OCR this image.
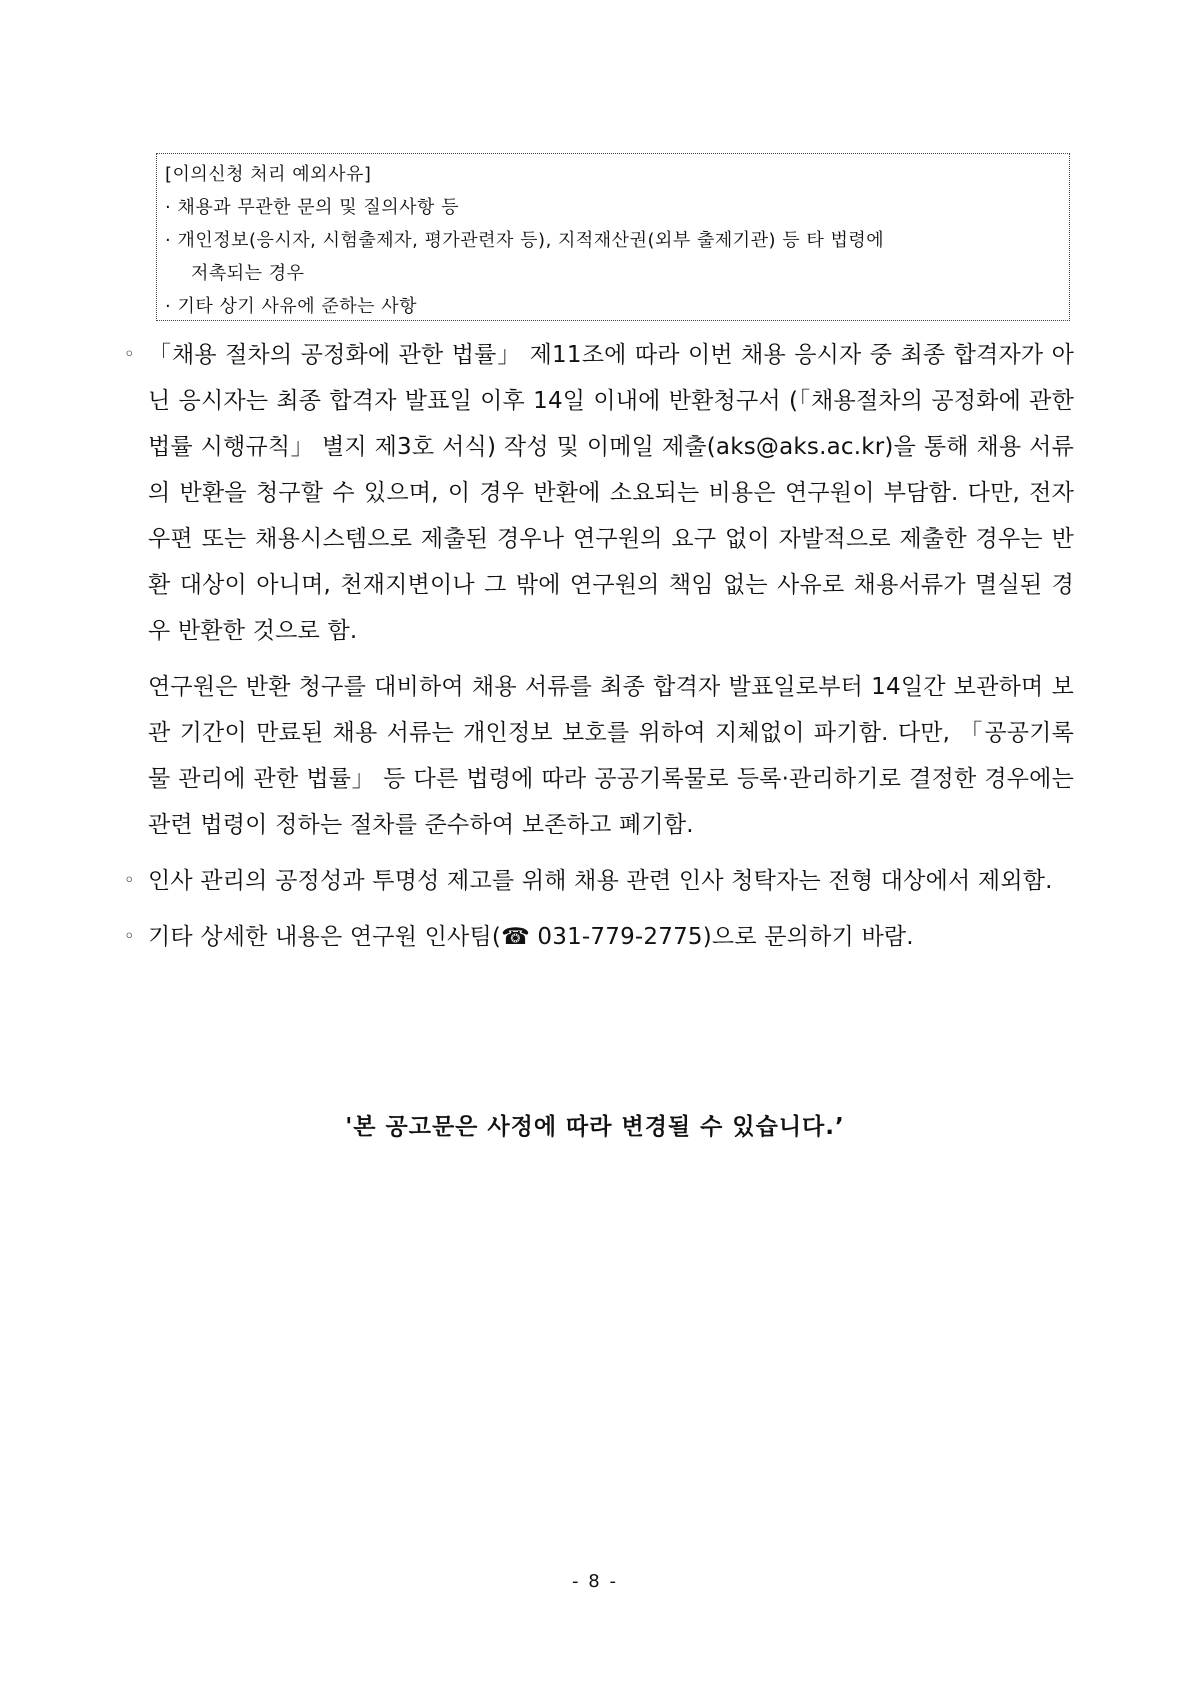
[이의신청 처리 예외사유]
· 채용과 무관한 문의 및 질의사항 등
· 개인정보(응시자, 시험출제자, 평가관련자 등), 지적재산권(외부 출제기관) 등 타 법령에
저촉되는 경우
· 기타 상기 사유에 준하는 사항
◦ 「채용 절차의 공정화에 관한 법률」 제11조에 따라 이번 채용 응시자 중 최종 합격자가 아닌 응시자는 최종 합격자 발표일 이후 14일 이내에 반환청구서 (「채용절차의 공정화에 관한 법률 시행규칙」 별지 제3호 서식) 작성 및 이메일 제출(aks@aks.ac.kr)을 통해 채용 서류의 반환을 청구할 수 있으며, 이 경우 반환에 소요되는 비용은 연구원이 부담함. 다만, 전자우편 또는 채용시스템으로 제출된 경우나 연구원의 요구 없이 자발적으로 제출한 경우는 반환 대상이 아니며, 천재지변이나 그 밖에 연구원의 책임 없는 사유로 채용서류가 멸실된 경우 반환한 것으로 함.
연구원은 반환 청구를 대비하여 채용 서류를 최종 합격자 발표일로부터 14일간 보관하며 보관 기간이 만료된 채용 서류는 개인정보 보호를 위하여 지체없이 파기함. 다만, 「공공기록물 관리에 관한 법률」 등 다른 법령에 따라 공공기록물로 등록·관리하기로 결정한 경우에는 관련 법령이 정하는 절차를 준수하여 보존하고 폐기함.
◦ 인사 관리의 공정성과 투명성 제고를 위해 채용 관련 인사 청탁자는 전형 대상에서 제외함.
◦ 기타 상세한 내용은 연구원 인사팀(☎ 031-779-2775)으로 문의하기 바람.
'본 공고문은 사정에 따라 변경될 수 있습니다.’
- 8 -
